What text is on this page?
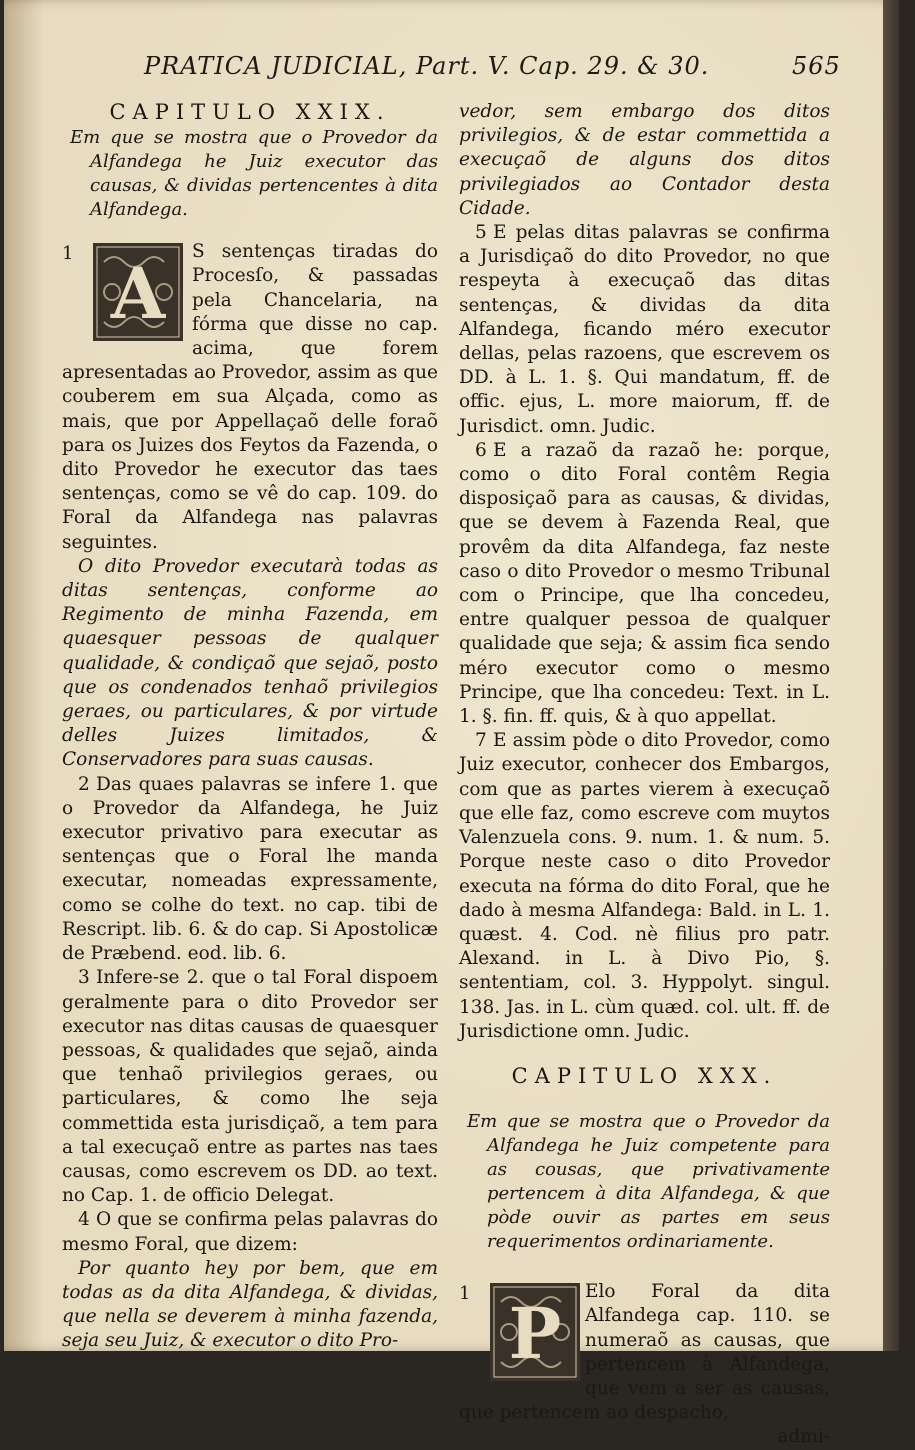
PRATICA JUDICIAL, Part. V. Cap. 29. & 30.	565
CAPITULO XXIX.
Em que se mostra que o Provedor da Alfandega he Juiz executor das causas, & dividas pertencentes à dita Alfandega.
1 A

S sentenças tiradas do Procesſo, & passadas pela Chancelaria, na fórma que disse no cap. acima, que forem apresentadas ao Provedor, assim as que couberem em sua Alçada, como as mais, que por Appellaçaõ delle foraõ para os Juizes dos Feytos da Fazenda, o dito Provedor he executor das taes sentenças, como se vê do cap. 109. do Foral da Alfandega nas palavras seguintes.

O dito Provedor executarà todas as ditas sentenças, conforme ao Regimento de minha Fazenda, em quaesquer pessoas de qualquer qualidade, & condiçaõ que sejaõ, posto que os condenados tenhaõ privilegios geraes, ou particulares, & por virtude delles Juizes limitados, & Conservadores para suas causas.

2 Das quaes palavras se infere 1. que o Provedor da Alfandega, he Juiz executor privativo para executar as sentenças que o Foral lhe manda executar, nomeadas expressamente, como se colhe do text. no cap. tibi de Rescript. lib. 6. & do cap. Si Apostolicæ de Præbend. eod. lib. 6.

3 Infere-se 2. que o tal Foral dispoem geralmente para o dito Provedor ser executor nas ditas causas de quaesquer pessoas, & qualidades que sejaõ, ainda que tenhaõ privilegios geraes, ou particulares, & como lhe seja commettida esta jurisdiçaõ, a tem para a tal execuçaõ entre as partes nas taes causas, como escrevem os DD. ao text. no Cap. 1. de officio Delegat.

4 O que se confirma pelas palavras do mesmo Foral, que dizem:

Por quanto hey por bem, que em todas as da dita Alfandega, & dividas, que nella se deverem à minha fazenda, seja seu Juiz, & executor o dito Pro-

vedor, sem embargo dos ditos privilegios, & de estar commettida a execuçaõ de alguns dos ditos privilegiados ao Contador desta Cidade.

5 E pelas ditas palavras se confirma a Jurisdiçaõ do dito Provedor, no que respeyta à execuçaõ das ditas sentenças, & dividas da dita Alfandega, ficando méro executor dellas, pelas razoens, que escrevem os DD. à L. 1. §. Qui mandatum, ff. de offic. ejus, L. more maiorum, ff. de Jurisdict. omn. Judic.

6 E a razaõ da razaõ he: porque, como o dito Foral contêm Regia disposiçaõ para as causas, & dividas, que se devem à Fazenda Real, que provêm da dita Alfandega, faz neste caso o dito Provedor o mesmo Tribunal com o Principe, que lha concedeu, entre qualquer pessoa de qualquer qualidade que seja; & assim fica sendo méro executor como o mesmo Principe, que lha concedeu: Text. in L. 1. §. fin. ff. quis, & à quo appellat.

7 E assim pòde o dito Provedor, como Juiz executor, conhecer dos Embargos, com que as partes vierem à execuçaõ que elle faz, como escreve com muytos Valenzuela cons. 9. num. 1. & num. 5. Porque neste caso o dito Provedor executa na fórma do dito Foral, que he dado à mesma Alfandega: Bald. in L. 1. quæst. 4. Cod. nè filius pro patr. Alexand. in L. à Divo Pio, §. sententiam, col. 3. Hyppolyt. singul. 138. Jas. in L. cùm quæd. col. ult. ff. de Jurisdictione omn. Judic.

CAPITULO XXX.
Em que se mostra que o Provedor da Alfandega he Juiz competente para as cousas, que privativamente pertencem à dita Alfandega, & que pòde ouvir as partes em seus requerimentos ordinariamente.
1 P

Elo Foral da dita Alfandega cap. 110. se numeraõ as causas, que pertencem à Alfandega, que vem a ser as causas, que pertencem ao despacho,

admi-
